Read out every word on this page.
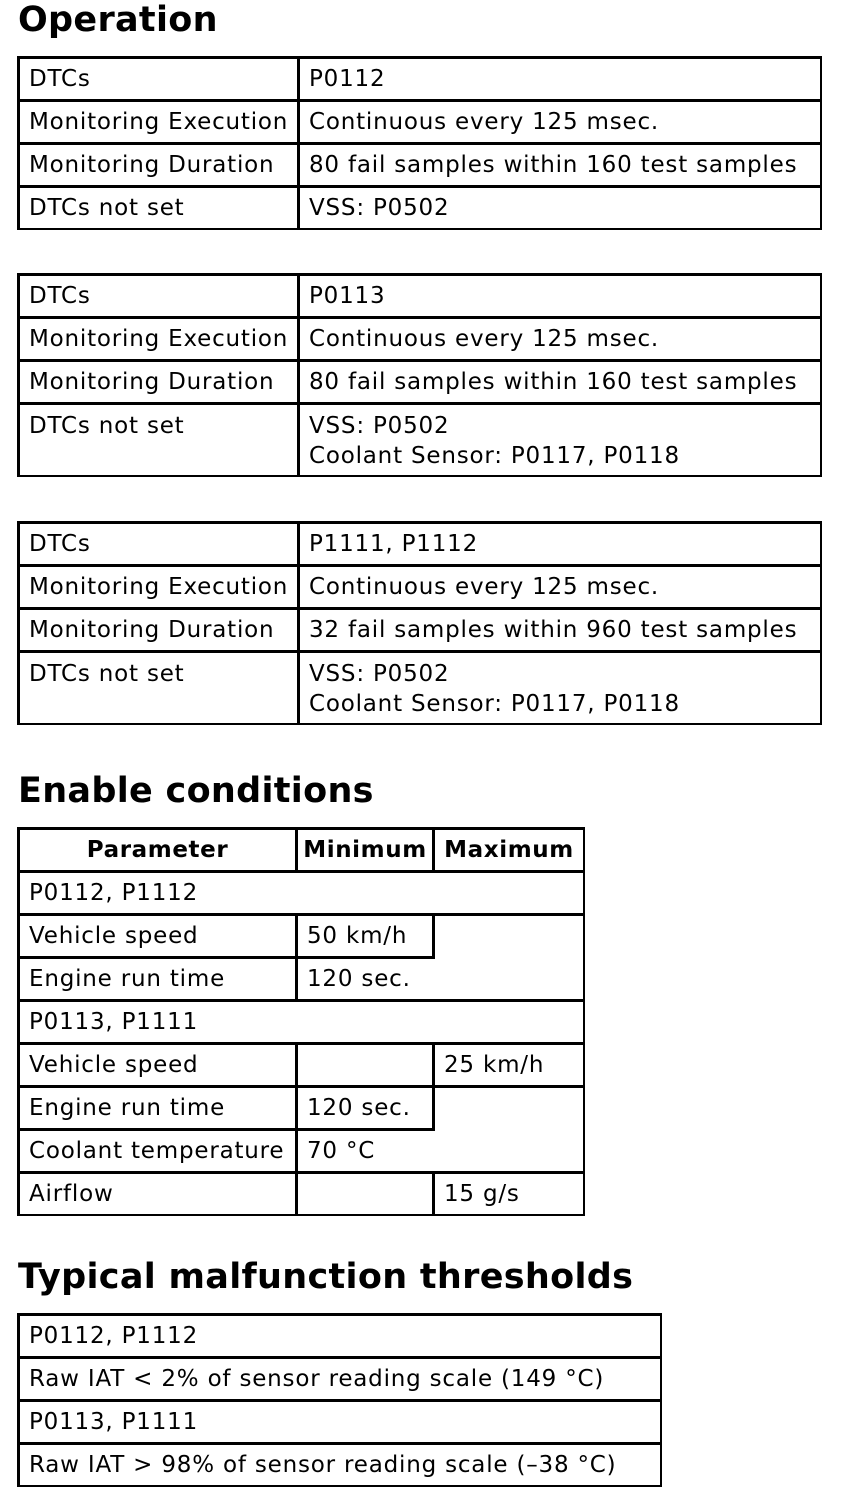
Operation
DTCs	P0112
Monitoring Execution	Continuous every 125 msec.
Monitoring Duration	80 fail samples within 160 test samples
DTCs not set	VSS: P0502
DTCs	P0113
Monitoring Execution	Continuous every 125 msec.
Monitoring Duration	80 fail samples within 160 test samples
DTCs not set	VSS: P0502
Coolant Sensor: P0117, P0118
DTCs	P1111, P1112
Monitoring Execution	Continuous every 125 msec.
Monitoring Duration	32 fail samples within 960 test samples
DTCs not set	VSS: P0502
Coolant Sensor: P0117, P0118
Enable conditions
Parameter	Minimum	Maximum
P0112, P1112		
Vehicle speed	50 km/h	
Engine run time	120 sec.	
P0113, P1111		
Vehicle speed		25 km/h
Engine run time	120 sec.	
Coolant temperature	70 °C	
Airflow		15 g/s
Typical malfunction thresholds
P0112, P1112
Raw IAT < 2% of sensor reading scale (149 °C)
P0113, P1111
Raw IAT > 98% of sensor reading scale (–38 °C)
